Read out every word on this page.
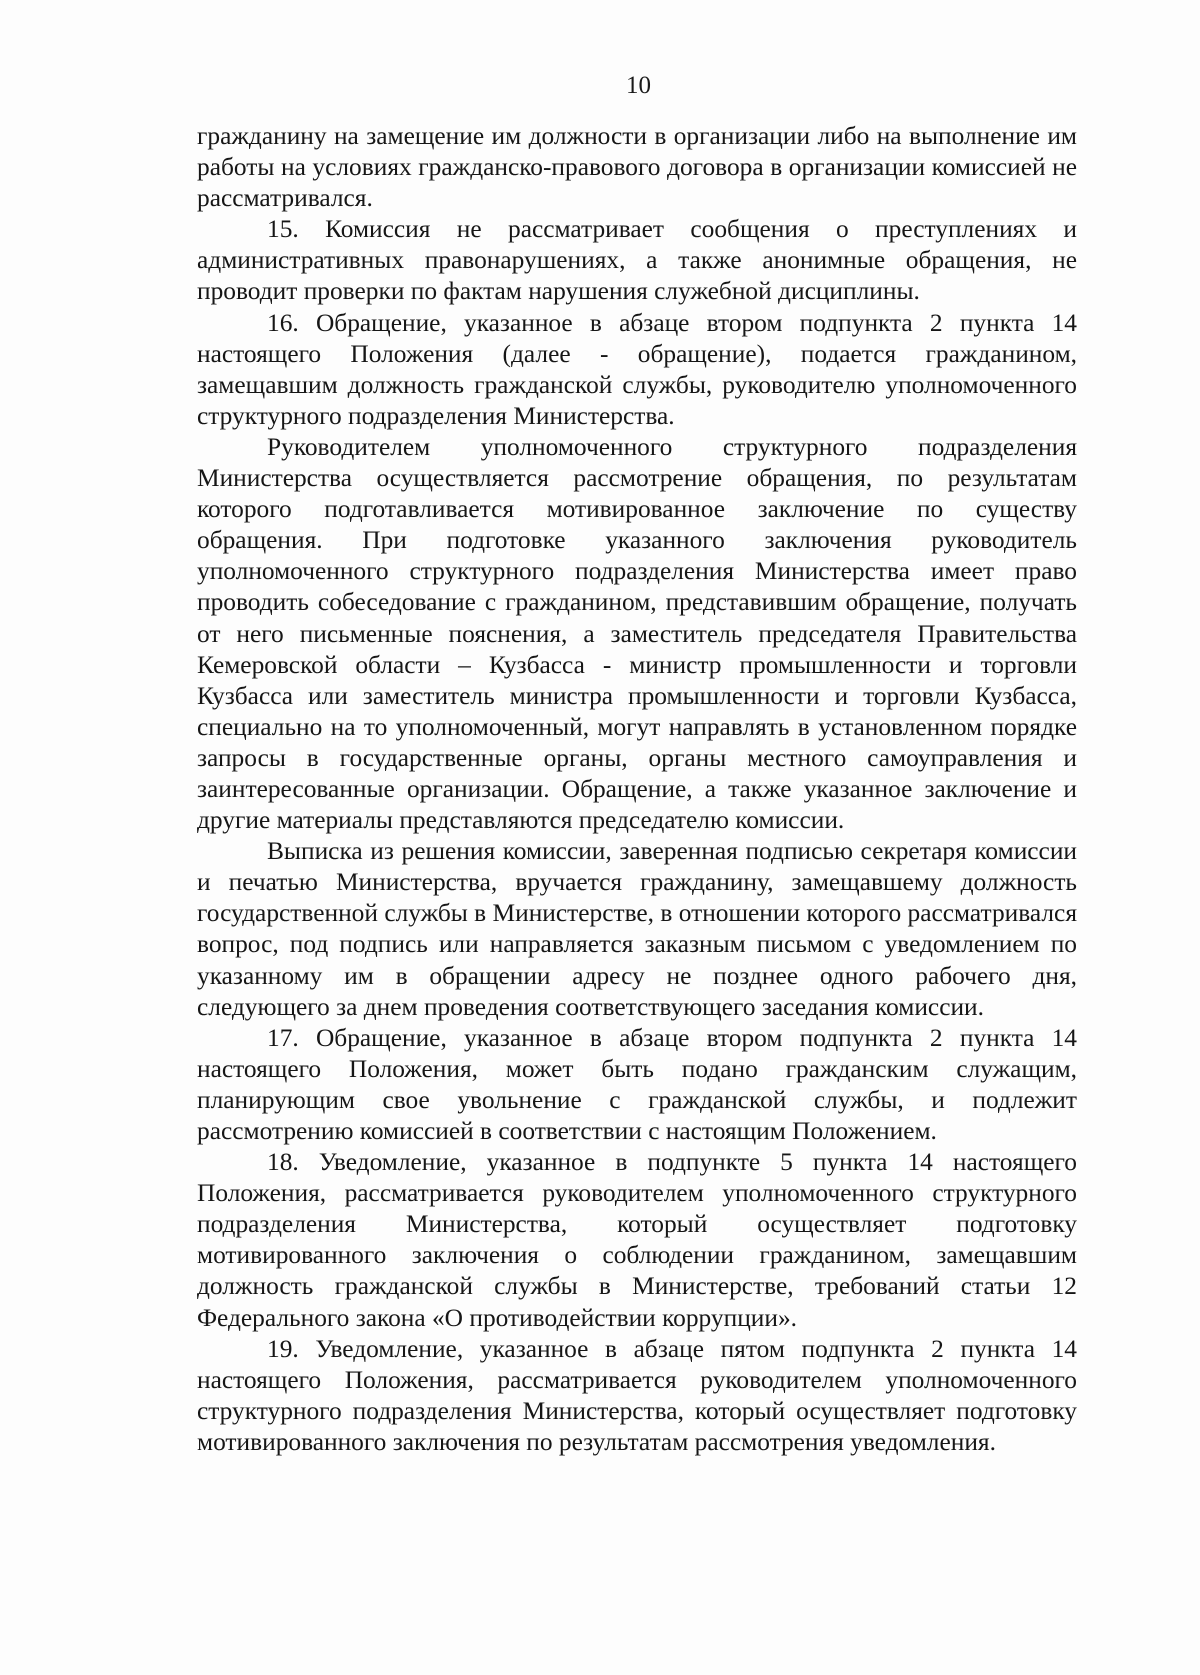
10

гражданину на замещение им должности в организации либо на выполнение им работы на условиях гражданско-правового договора в организации комиссией не рассматривался.

15. Комиссия не рассматривает сообщения о преступлениях и административных правонарушениях, а также анонимные обращения, не проводит проверки по фактам нарушения служебной дисциплины.

16. Обращение, указанное в абзаце втором подпункта 2 пункта 14 настоящего Положения (далее - обращение), подается гражданином, замещавшим должность гражданской службы, руководителю уполномоченного структурного подразделения Министерства.

Руководителем уполномоченного структурного подразделения Министерства осуществляется рассмотрение обращения, по результатам которого подготавливается мотивированное заключение по существу обращения. При подготовке указанного заключения руководитель уполномоченного структурного подразделения Министерства имеет право проводить собеседование с гражданином, представившим обращение, получать от него письменные пояснения, а заместитель председателя Правительства Кемеровской области – Кузбасса - министр промышленности и торговли Кузбасса или заместитель министра промышленности и торговли Кузбасса, специально на то уполномоченный, могут направлять в установленном порядке запросы в государственные органы, органы местного самоуправления и заинтересованные организации. Обращение, а также указанное заключение и другие материалы представляются председателю комиссии.

Выписка из решения комиссии, заверенная подписью секретаря комиссии и печатью Министерства, вручается гражданину, замещавшему должность государственной службы в Министерстве, в отношении которого рассматривался вопрос, под подпись или направляется заказным письмом с уведомлением по указанному им в обращении адресу не позднее одного рабочего дня, следующего за днем проведения соответствующего заседания комиссии.

17. Обращение, указанное в абзаце втором подпункта 2 пункта 14 настоящего Положения, может быть подано гражданским служащим, планирующим свое увольнение с гражданской службы, и подлежит рассмотрению комиссией в соответствии с настоящим Положением.

18. Уведомление, указанное в подпункте 5 пункта 14 настоящего Положения, рассматривается руководителем уполномоченного структурного подразделения Министерства, который осуществляет подготовку мотивированного заключения о соблюдении гражданином, замещавшим должность гражданской службы в Министерстве, требований статьи 12 Федерального закона «О противодействии коррупции».

19. Уведомление, указанное в абзаце пятом подпункта 2 пункта 14 настоящего Положения, рассматривается руководителем уполномоченного структурного подразделения Министерства, который осуществляет подготовку мотивированного заключения по результатам рассмотрения уведомления.
